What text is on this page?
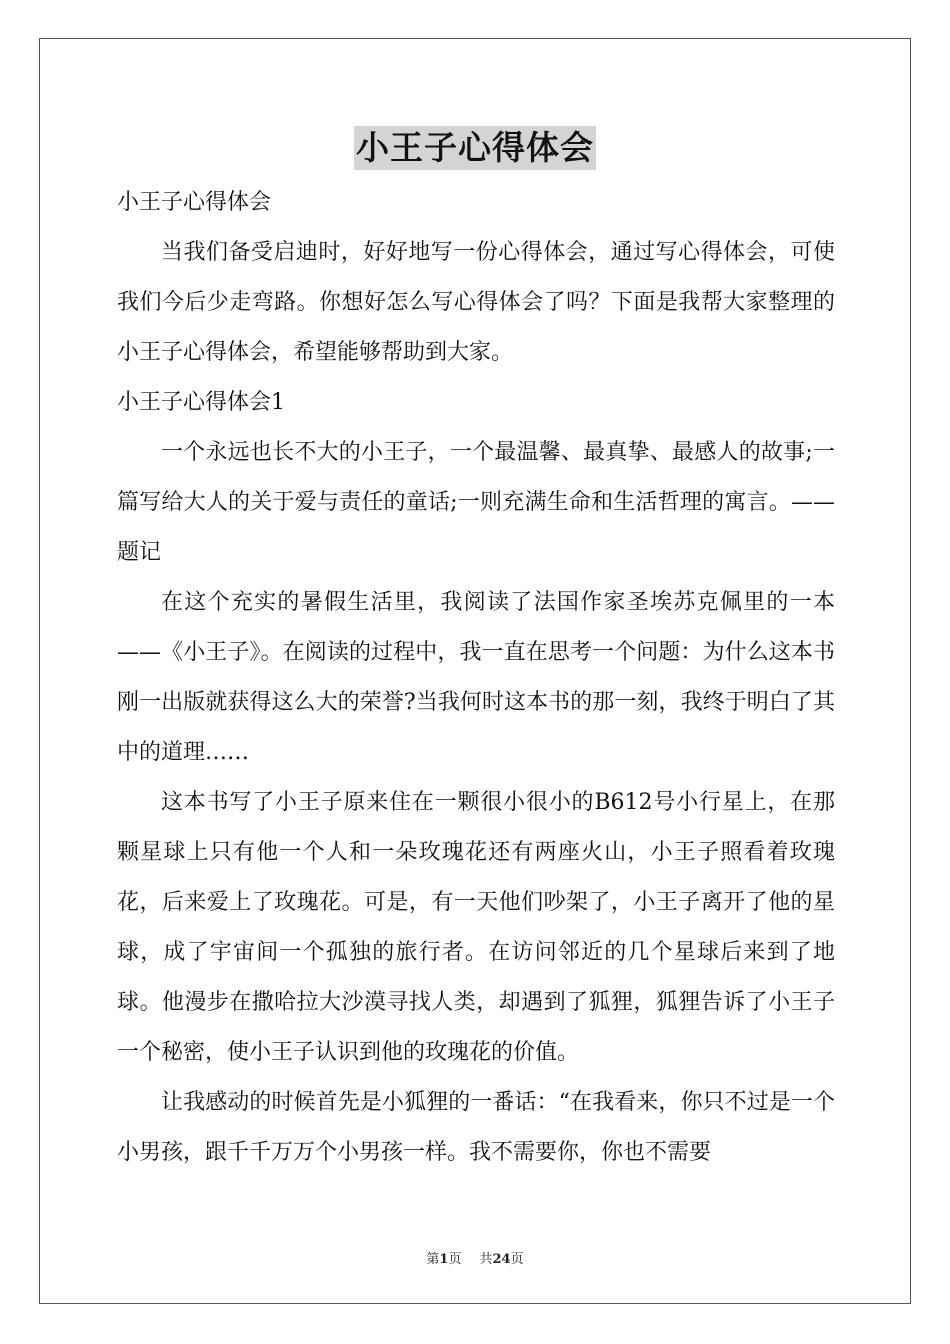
小王子心得体会

小王子心得体会

当我们备受启迪时，好好地写一份心得体会，通过写心得体会，可使我们今后少走弯路。你想好怎么写心得体会了吗？下面是我帮大家整理的小王子心得体会，希望能够帮助到大家。

小王子心得体会1

一个永远也长不大的小王子，一个最温馨、最真挚、最感人的故事;一篇写给大人的关于爱与责任的童话;一则充满生命和生活哲理的寓言。——题记

在这个充实的暑假生活里，我阅读了法国作家圣埃苏克佩里的一本——《小王子》。在阅读的过程中，我一直在思考一个问题：为什么这本书刚一出版就获得这么大的荣誉?当我何时这本书的那一刻，我终于明白了其中的道理……

这本书写了小王子原来住在一颗很小很小的B612号小行星上，在那颗星球上只有他一个人和一朵玫瑰花还有两座火山，小王子照看着玫瑰花，后来爱上了玫瑰花。可是，有一天他们吵架了，小王子离开了他的星球，成了宇宙间一个孤独的旅行者。在访问邻近的几个星球后来到了地球。他漫步在撒哈拉大沙漠寻找人类，却遇到了狐狸，狐狸告诉了小王子一个秘密，使小王子认识到他的玫瑰花的价值。

让我感动的时候首先是小狐狸的一番话：“在我看来，你只不过是一个小男孩，跟千千万万个小男孩一样。我不需要你，你也不需要

第1页 共24页
